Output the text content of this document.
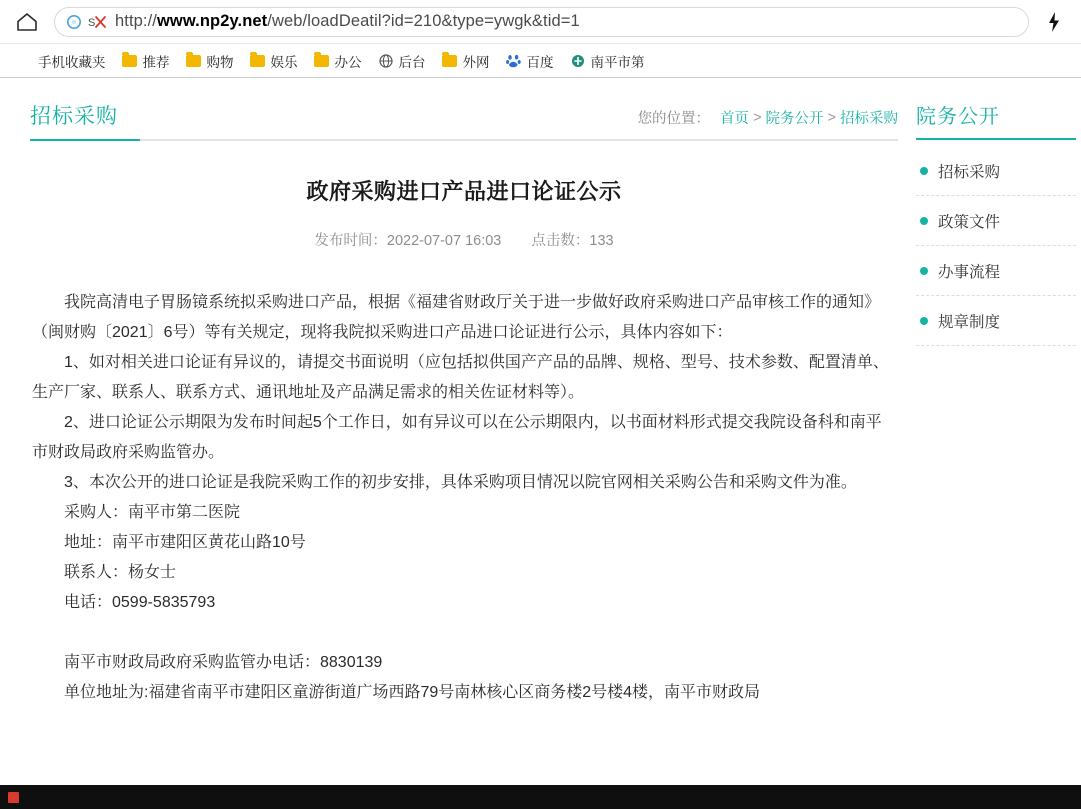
S http://www.np2y.net/web/loadDeatil?id=210&type=ywgk&tid=1
手机收藏夹	推荐	购物	娱乐	办公	后台	外网	百度	南平市第
招标采购	您的位置： 首页 > 院务公开 > 招标采购
政府采购进口产品进口论证公示
发布时间：2022-07-07 16:03 点击数：133

我院高清电子胃肠镜系统拟采购进口产品，根据《福建省财政厅关于进一步做好政府采购进口产品审核工作的通知》（闽财购〔2021〕6号）等有关规定，现将我院拟采购进口产品进口论证进行公示，具体内容如下：

1、如对相关进口论证有异议的，请提交书面说明（应包括拟供国产产品的品牌、规格、型号、技术参数、配置清单、生产厂家、联系人、联系方式、通讯地址及产品满足需求的相关佐证材料等）。

2、进口论证公示期限为发布时间起5个工作日，如有异议可以在公示期限内，以书面材料形式提交我院设备科和南平市财政局政府采购监管办。

3、本次公开的进口论证是我院采购工作的初步安排，具体采购项目情况以院官网相关采购公告和采购文件为准。

采购人：南平市第二医院

地址：南平市建阳区黄花山路10号

联系人：杨女士

电话：0599-5835793

南平市财政局政府采购监管办电话：8830139

单位地址为:福建省南平市建阳区童游街道广场西路79号南林核心区商务楼2号楼4楼，南平市财政局

院务公开
招标采购
政策文件
办事流程
规章制度
